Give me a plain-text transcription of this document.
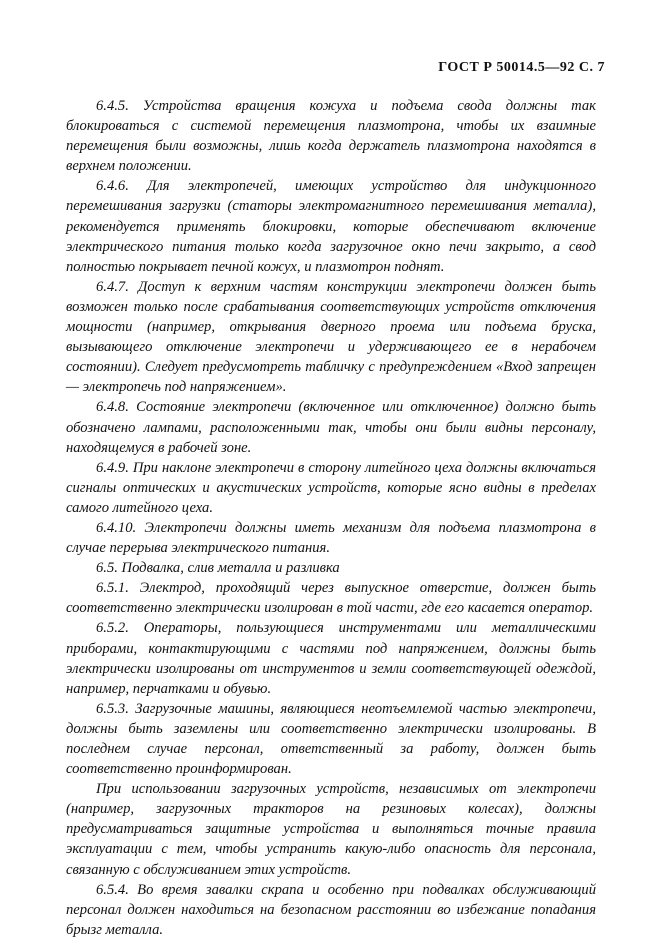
ГОСТ Р 50014.5—92 С. 7

6.4.5. Устройства вращения кожуха и подъема свода должны так блокироваться с системой перемещения плазмотрона, чтобы их взаимные перемещения были возможны, лишь когда держатель плазмотрона находятся в верхнем положении.

6.4.6. Для электропечей, имеющих устройство для индукционного перемешивания загрузки (статоры электромагнитного перемешивания металла), рекомендуется применять блокировки, которые обеспечивают включение электрического питания только когда загрузочное окно печи закрыто, а свод полностью покрывает печной кожух, и плазмотрон поднят.

6.4.7. Доступ к верхним частям конструкции электропечи должен быть возможен только после срабатывания соответствующих устройств отключения мощности (например, открывания дверного проема или подъема бруска, вызывающего отключение электропечи и удерживающего ее в нерабочем состоянии). Следует предусмотреть табличку с предупреждением «Вход запрещен— электропечь под напряжением».

6.4.8. Состояние электропечи (включенное или отключенное) должно быть обозначено лампами, расположенными так, чтобы они были видны персоналу, находящемуся в рабочей зоне.

6.4.9. При наклоне электропечи в сторону литейного цеха должны включаться сигналы оптических и акустических устройств, которые ясно видны в пределах самого литейного цеха.

6.4.10. Электропечи должны иметь механизм для подъема плазмотрона в случае перерыва электрического питания.

6.5. Подвалка, слив металла и разливка

6.5.1. Электрод, проходящий через выпускное отверстие, должен быть соответственно электрически изолирован в той части, где его касается оператор.

6.5.2. Операторы, пользующиеся инструментами или металлическими приборами, контактирующими с частями под напряжением, должны быть электрически изолированы от инструментов и земли соответствующей одеждой, например, перчатками и обувью.

6.5.3. Загрузочные машины, являющиеся неотъемлемой частью электропечи, должны быть заземлены или соответственно электрически изолированы. В последнем случае персонал, ответственный за работу, должен быть соответственно проинформирован.

При использовании загрузочных устройств, независимых от электропечи (например, загрузочных тракторов на резиновых колесах), должны предусматриваться защитные устройства и выполняться точные правила эксплуатации с тем, чтобы устранить какую-либо опасность для персонала, связанную с обслуживанием этих устройств.

6.5.4. Во время завалки скрапа и особенно при подвалках обслуживающий персонал должен находиться на безопасном расстоянии во избежание попадания брызг металла.
